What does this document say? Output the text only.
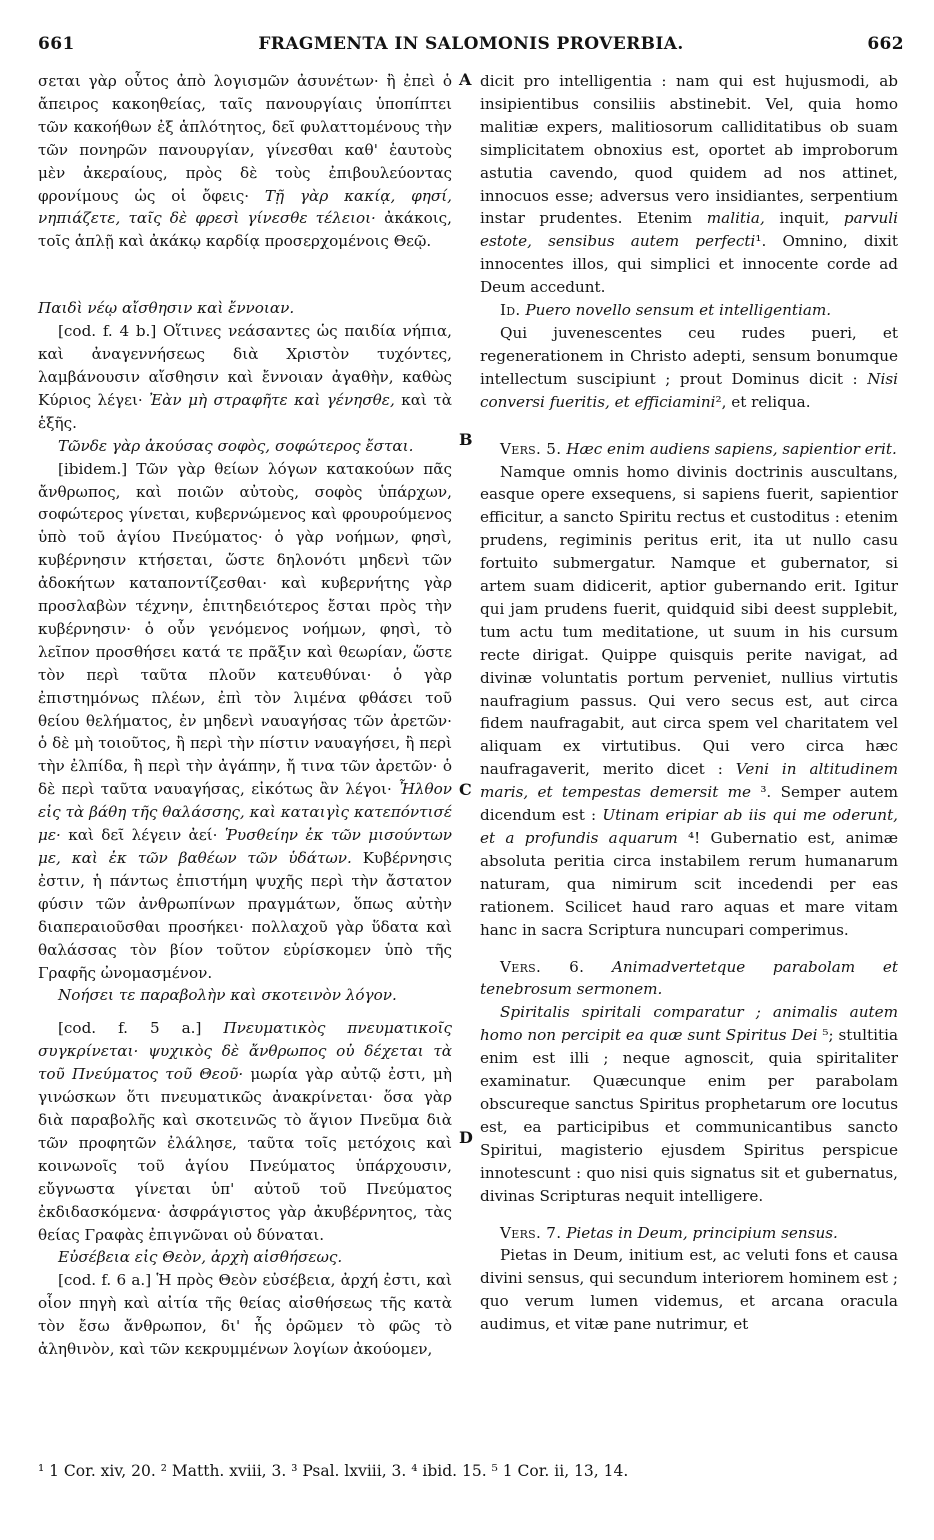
661	FRAGMENTA IN SALOMONIS PROVERBIA.	662

σεται γὰρ οὗτος ἀπὸ λογισμῶν ἀσυνέτων· ἢ ἐπεὶ ὁ ἄπειρος κακοηθείας, ταῖς πανουργίαις ὑποπίπτει τῶν κακοήθων ἐξ ἁπλότητος, δεῖ φυλαττομένους τὴν τῶν πονηρῶν πανουργίαν, γίνεσθαι καθ' ἑαυτοὺς μὲν ἀκεραίους, πρὸς δὲ τοὺς ἐπιβουλεύοντας φρονίμους ὡς οἱ ὄφεις· Τῇ γὰρ κακίᾳ, φησί, νηπιάζετε, ταῖς δὲ φρεσὶ γίνεσθε τέλειοι· ἀκάκοις, τοῖς ἁπλῇ καὶ ἀκάκῳ καρδίᾳ προσερχομένοις Θεῷ.

Παιδὶ νέῳ αἴσθησιν καὶ ἔννοιαν.

[cod. f. 4 b.] Οἵτινες νεάσαντες ὡς παιδία νήπια, καὶ ἀναγεννήσεως διὰ Χριστὸν τυχόντες, λαμβάνουσιν αἴσθησιν καὶ ἔννοιαν ἀγαθὴν, καθὼς Κύριος λέγει· Ἐὰν μὴ στραφῆτε καὶ γένησθε, καὶ τὰ ἑξῆς.

Τῶνδε γὰρ ἀκούσας σοφὸς, σοφώτερος ἔσται.

[ibidem.] Τῶν γὰρ θείων λόγων κατακούων πᾶς ἄνθρωπος, καὶ ποιῶν αὐτοὺς, σοφὸς ὑπάρχων, σοφώτερος γίνεται, κυβερνώμενος καὶ φρουρούμενος ὑπὸ τοῦ ἁγίου Πνεύματος· ὁ γὰρ νοήμων, φησὶ, κυβέρνησιν κτήσεται, ὥστε δηλονότι μηδενὶ τῶν ἀδοκήτων καταποντίζεσθαι· καὶ κυβερνήτης γὰρ προσλαβὼν τέχνην, ἐπιτηδειότερος ἔσται πρὸς τὴν κυβέρνησιν· ὁ οὖν γενόμενος νοήμων, φησὶ, τὸ λεῖπον προσθήσει κατά τε πρᾶξιν καὶ θεωρίαν, ὥστε τὸν περὶ ταῦτα πλοῦν κατευθύναι· ὁ γὰρ ἐπιστημόνως πλέων, ἐπὶ τὸν λιμένα φθάσει τοῦ θείου θελήματος, ἐν μηδενὶ ναυαγήσας τῶν ἀρετῶν· ὁ δὲ μὴ τοιοῦτος, ἢ περὶ τὴν πίστιν ναυαγήσει, ἢ περὶ τὴν ἐλπίδα, ἢ περὶ τὴν ἀγάπην, ἤ τινα τῶν ἀρετῶν· ὁ δὲ περὶ ταῦτα ναυαγήσας, εἰκότως ἂν λέγοι· Ἦλθον εἰς τὰ βάθη τῆς θαλάσσης, καὶ καταιγὶς κατεπόντισέ με· καὶ δεῖ λέγειν ἀεί· Ῥυσθείην ἐκ τῶν μισούντων με, καὶ ἐκ τῶν βαθέων τῶν ὑδάτων. Κυβέρνησις ἐστιν, ἡ πάντως ἐπιστήμη ψυχῆς περὶ τὴν ἄστατον φύσιν τῶν ἀνθρωπίνων πραγμάτων, ὅπως αὐτὴν διαπεραιοῦσθαι προσήκει· πολλαχοῦ γὰρ ὕδατα καὶ θαλάσσας τὸν βίον τοῦτον εὑρίσκομεν ὑπὸ τῆς Γραφῆς ὠνομασμένον.

Νοήσει τε παραβολὴν καὶ σκοτεινὸν λόγον.

[cod. f. 5 a.] Πνευματικὸς πνευματικοῖς συγκρίνεται· ψυχικὸς δὲ ἄνθρωπος οὐ δέχεται τὰ τοῦ Πνεύματος τοῦ Θεοῦ· μωρία γὰρ αὐτῷ ἐστι, μὴ γινώσκων ὅτι πνευματικῶς ἀνακρίνεται· ὅσα γὰρ διὰ παραβολῆς καὶ σκοτεινῶς τὸ ἅγιον Πνεῦμα διὰ τῶν προφητῶν ἐλάλησε, ταῦτα τοῖς μετόχοις καὶ κοινωνοῖς τοῦ ἁγίου Πνεύματος ὑπάρχουσιν, εὔγνωστα γίνεται ὑπ' αὐτοῦ τοῦ Πνεύματος ἐκδιδασκόμενα· ἀσφράγιστος γὰρ ἀκυβέρνητος, τὰς θείας Γραφὰς ἐπιγνῶναι οὐ δύναται.

Εὐσέβεια εἰς Θεὸν, ἀρχὴ αἰσθήσεως.

[cod. f. 6 a.] Ἡ πρὸς Θεὸν εὐσέβεια, ἀρχή ἐστι, καὶ οἷον πηγὴ καὶ αἰτία τῆς θείας αἰσθήσεως τῆς κατὰ τὸν ἔσω ἄνθρωπον, δι' ἧς ὁρῶμεν τὸ φῶς τὸ ἀληθινὸν, καὶ τῶν κεκρυμμένων λογίων ἀκούομεν,

dicit pro intelligentia : nam qui est hujusmodi, ab insipientibus consiliis abstinebit. Vel, quia homo malitiæ expers, malitiosorum calliditatibus ob suam simplicitatem obnoxius est, oportet ab improborum astutia cavendo, quod quidem ad nos attinet, innocuos esse; adversus vero insidiantes, serpentium instar prudentes. Etenim malitia, inquit, parvuli estote, sensibus autem perfecti¹. Omnino, dixit innocentes illos, qui simplici et innocente corde ad Deum accedunt.

Id. Puero novello sensum et intelligentiam.

Qui juvenescentes ceu rudes pueri, et regenerationem in Christo adepti, sensum bonumque intellectum suscipiunt ; prout Dominus dicit : Nisi conversi fueritis, et efficiamini², et reliqua.

Vers. 5. Hæc enim audiens sapiens, sapientior erit.

Namque omnis homo divinis doctrinis auscultans, easque opere exsequens, si sapiens fuerit, sapientior efficitur, a sancto Spiritu rectus et custoditus : etenim prudens, regiminis peritus erit, ita ut nullo casu fortuito submergatur. Namque et gubernator, si artem suam didicerit, aptior gubernando erit. Igitur qui jam prudens fuerit, quidquid sibi deest supplebit, tum actu tum meditatione, ut suum in his cursum recte dirigat. Quippe quisquis perite navigat, ad divinæ voluntatis portum perveniet, nullius virtutis naufragium passus. Qui vero secus est, aut circa fidem naufragabit, aut circa spem vel charitatem vel aliquam ex virtutibus. Qui vero circa hæc naufragaverit, merito dicet : Veni in altitudinem maris, et tempestas demersit me ³. Semper autem dicendum est : Utinam eripiar ab iis qui me oderunt, et a profundis aquarum ⁴! Gubernatio est, animæ absoluta peritia circa instabilem rerum humanarum naturam, qua nimirum scit incedendi per eas rationem. Scilicet haud raro aquas et mare vitam hanc in sacra Scriptura nuncupari comperimus.

Vers. 6. Animadvertetque parabolam et tenebrosum sermonem.

Spiritalis spiritali comparatur ; animalis autem homo non percipit ea quæ sunt Spiritus Dei ⁵; stultitia enim est illi ; neque agnoscit, quia spiritaliter examinatur. Quæcunque enim per parabolam obscureque sanctus Spiritus prophetarum ore locutus est, ea participibus et communicantibus sancto Spiritui, magisterio ejusdem Spiritus perspicue innotescunt : quo nisi quis signatus sit et gubernatus, divinas Scripturas nequit intelligere.

Vers. 7. Pietas in Deum, principium sensus.

Pietas in Deum, initium est, ac veluti fons et causa divini sensus, qui secundum interiorem hominem est ; quo verum lumen videmus, et arcana oracula audimus, et vitæ pane nutrimur, et

A
B
C
D
¹ 1 Cor. xiv, 20. ² Matth. xviii, 3. ³ Psal. lxviii, 3. ⁴ ibid. 15. ⁵ 1 Cor. ii, 13, 14.
